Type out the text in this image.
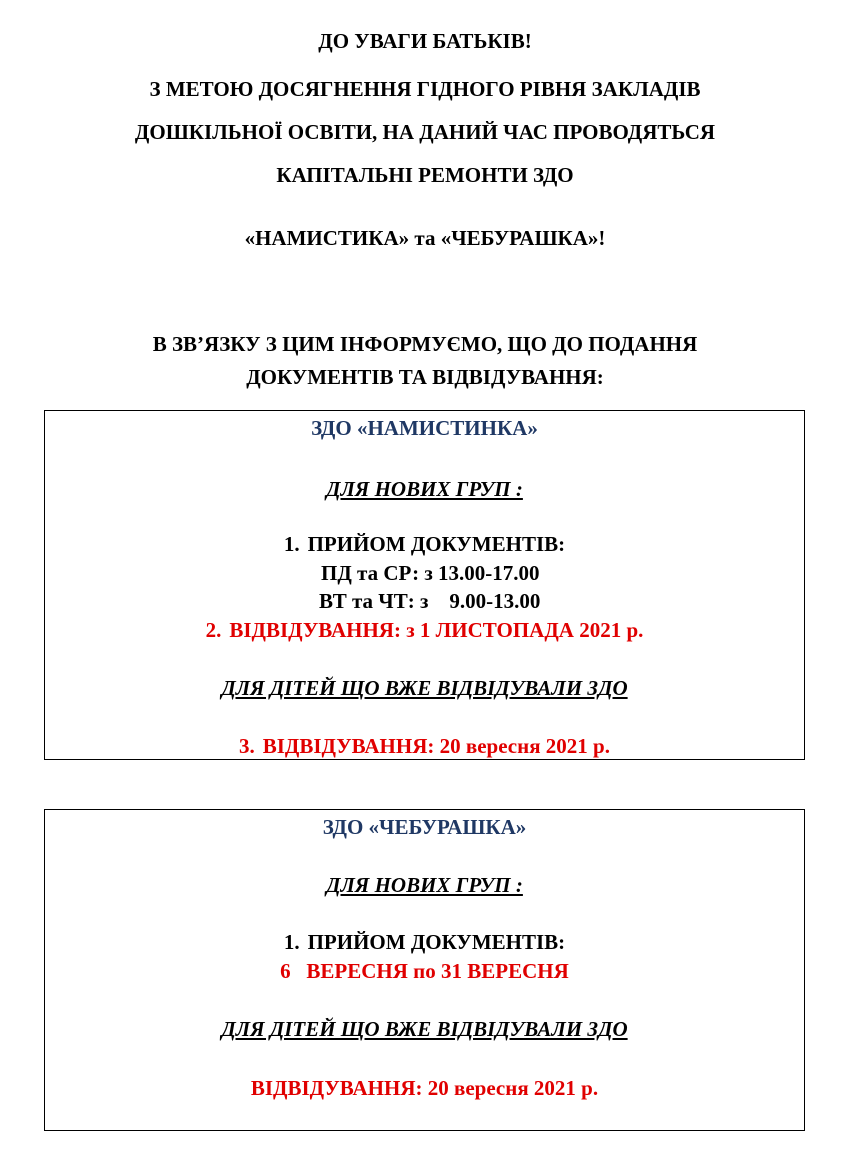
ДО УВАГИ БАТЬКІВ!
З МЕТОЮ ДОСЯГНЕННЯ ГІДНОГО РІВНЯ ЗАКЛАДІВ
ДОШКІЛЬНОЇ ОСВІТИ, НА ДАНИЙ ЧАС ПРОВОДЯТЬСЯ
КАПІТАЛЬНІ РЕМОНТИ ЗДО
«НАМИСТИКА» та «ЧЕБУРАШКА»!
В ЗВ’ЯЗКУ З ЦИМ ІНФОРМУЄМО, ЩО ДО ПОДАННЯ
ДОКУМЕНТІВ ТА ВІДВІДУВАННЯ:
ЗДО «НАМИСТИНКА»
ДЛЯ НОВИХ ГРУП :
1. ПРИЙОМ ДОКУМЕНТІВ:
ПД та СР: з 13.00-17.00
ВТ та ЧТ: з    9.00-13.00
2. ВІДВІДУВАННЯ: з 1 ЛИСТОПАДА 2021 р.
ДЛЯ ДІТЕЙ ЩО ВЖЕ ВІДВІДУВАЛИ ЗДО
3. ВІДВІДУВАННЯ: 20 вересня 2021 р.
ЗДО «ЧЕБУРАШКА»
ДЛЯ НОВИХ ГРУП :
1. ПРИЙОМ ДОКУМЕНТІВ:
6   ВЕРЕСНЯ по 31 ВЕРЕСНЯ
ДЛЯ ДІТЕЙ ЩО ВЖЕ ВІДВІДУВАЛИ ЗДО
ВІДВІДУВАННЯ: 20 вересня 2021 р.
